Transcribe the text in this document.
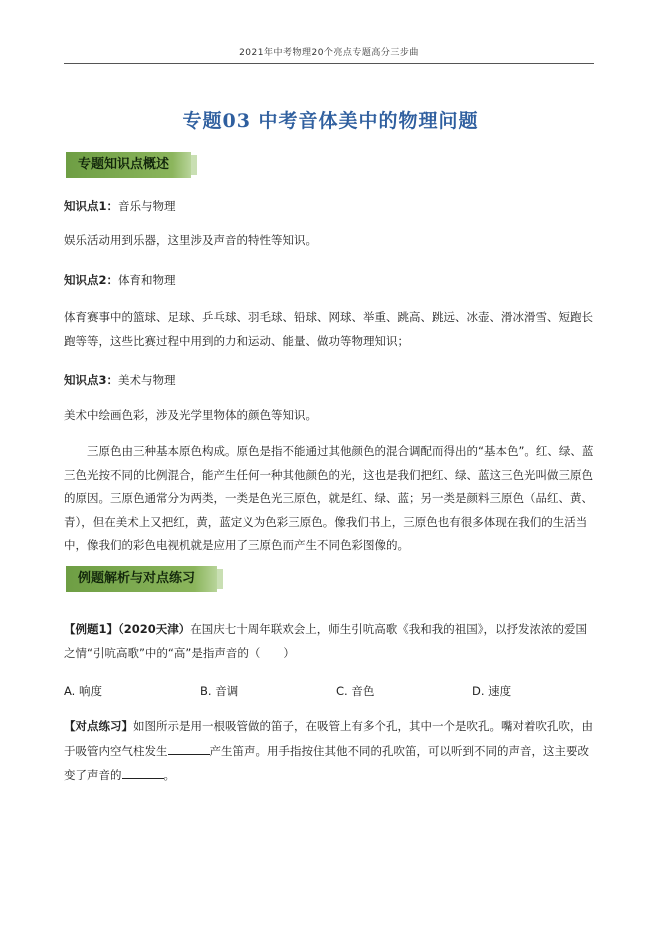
2021年中考物理20个亮点专题高分三步曲
专题03 中考音体美中的物理问题
专题知识点概述
知识点1：音乐与物理
娱乐活动用到乐器，这里涉及声音的特性等知识。
知识点2：体育和物理
体育赛事中的篮球、足球、乒乓球、羽毛球、铅球、网球、举重、跳高、跳远、冰壶、滑冰滑雪、短跑长跑等等，这些比赛过程中用到的力和运动、能量、做功等物理知识；
知识点3：美术与物理
美术中绘画色彩，涉及光学里物体的颜色等知识。
三原色由三种基本原色构成。原色是指不能通过其他颜色的混合调配而得出的“基本色”。红、绿、蓝三色光按不同的比例混合，能产生任何一种其他颜色的光，这也是我们把红、绿、蓝这三色光叫做三原色的原因。三原色通常分为两类，一类是色光三原色，就是红、绿、蓝；另一类是颜料三原色（品红、黄、青），但在美术上又把红，黄，蓝定义为色彩三原色。像我们书上，三原色也有很多体现在我们的生活当中，像我们的彩色电视机就是应用了三原色而产生不同色彩图像的。
例题解析与对点练习
【例题1】（2020天津）在国庆七十周年联欢会上，师生引吭高歌《我和我的祖国》，以抒发浓浓的爱国之情“引吭高歌”中的“高”是指声音的（　　）
A. 响度	B. 音调	C. 音色	D. 速度
【对点练习】如图所示是用一根吸管做的笛子，在吸管上有多个孔，其中一个是吹孔。嘴对着吹孔吹，由于吸管内空气柱发生	产生笛声。用手指按住其他不同的孔吹笛，可以听到不同的声音，这主要改变了声音的	。
